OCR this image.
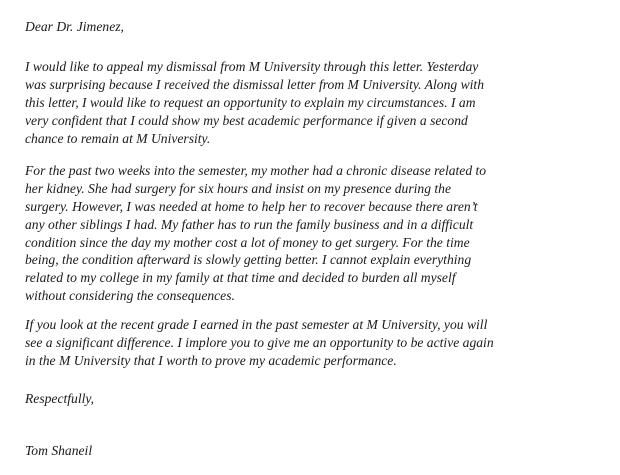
Dear Dr. Jimenez,
I would like to appeal my dismissal from M University through this letter. Yesterday
was surprising because I received the dismissal letter from M University. Along with
this letter, I would like to request an opportunity to explain my circumstances. I am
very confident that I could show my best academic performance if given a second
chance to remain at M University.
For the past two weeks into the semester, my mother had a chronic disease related to
her kidney. She had surgery for six hours and insist on my presence during the
surgery. However, I was needed at home to help her to recover because there aren’t
any other siblings I had. My father has to run the family business and in a difficult
condition since the day my mother cost a lot of money to get surgery. For the time
being, the condition afterward is slowly getting better. I cannot explain everything
related to my college in my family at that time and decided to burden all myself
without considering the consequences.
If you look at the recent grade I earned in the past semester at M University, you will
see a significant difference. I implore you to give me an opportunity to be active again
in the M University that I worth to prove my academic performance.
Respectfully,
Tom Shaneil
